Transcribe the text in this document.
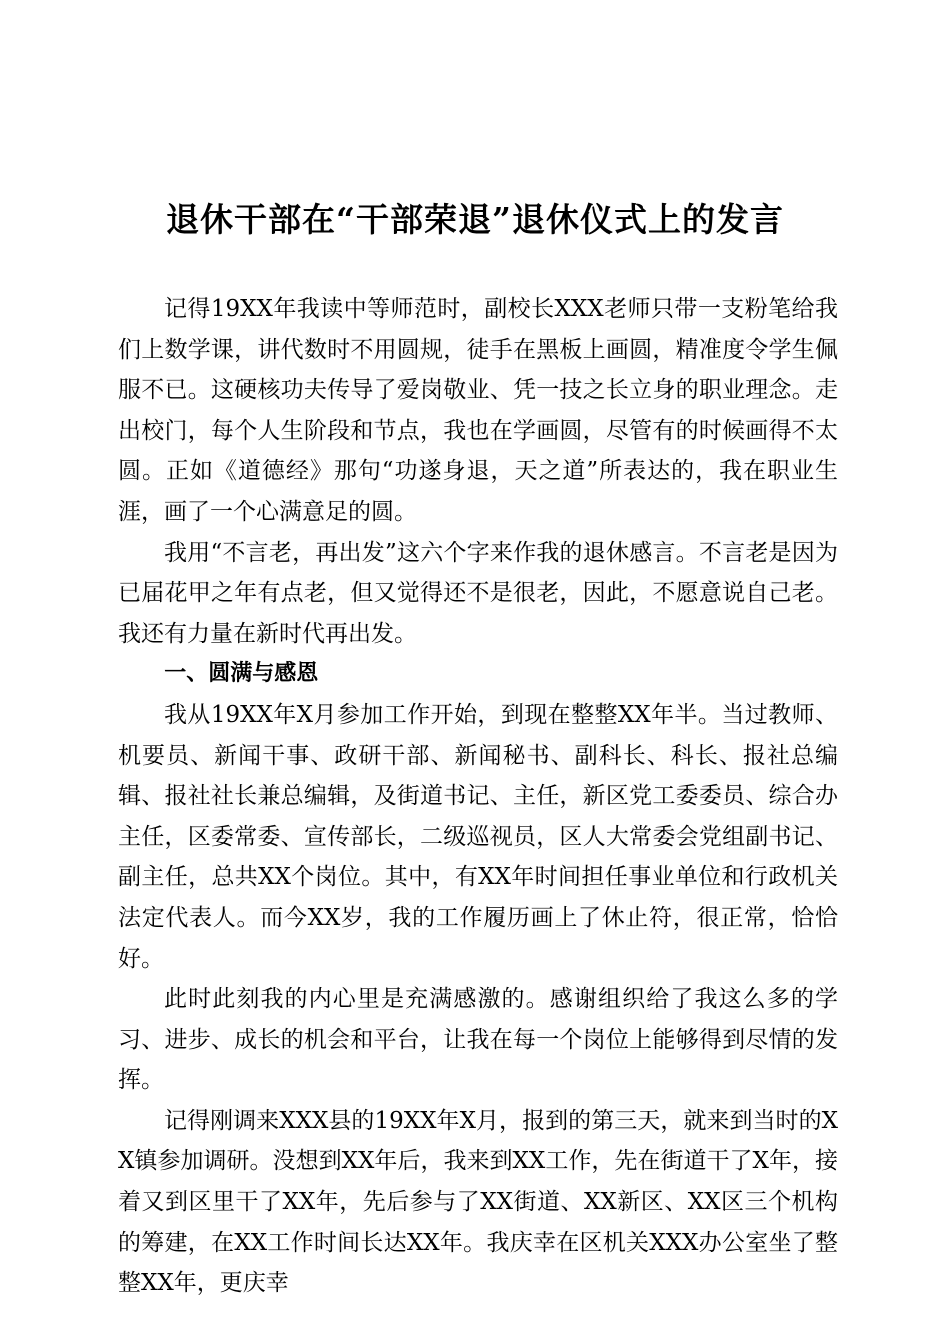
退休干部在“干部荣退”退休仪式上的发言

记得19XX年我读中等师范时，副校长XXX老师只带一支粉笔给我们上数学课，讲代数时不用圆规，徒手在黑板上画圆，精准度令学生佩服不已。这硬核功夫传导了爱岗敬业、凭一技之长立身的职业理念。走出校门，每个人生阶段和节点，我也在学画圆，尽管有的时候画得不太圆。正如《道德经》那句“功遂身退，天之道”所表达的，我在职业生涯，画了一个心满意足的圆。

我用“不言老，再出发”这六个字来作我的退休感言。不言老是因为已届花甲之年有点老，但又觉得还不是很老，因此，不愿意说自己老。我还有力量在新时代再出发。

一、圆满与感恩

我从19XX年X月参加工作开始，到现在整整XX年半。当过教师、机要员、新闻干事、政研干部、新闻秘书、副科长、科长、报社总编辑、报社社长兼总编辑，及街道书记、主任，新区党工委委员、综合办主任，区委常委、宣传部长，二级巡视员，区人大常委会党组副书记、副主任，总共XX个岗位。其中，有XX年时间担任事业单位和行政机关法定代表人。而今XX岁，我的工作履历画上了休止符，很正常，恰恰好。

此时此刻我的内心里是充满感激的。感谢组织给了我这么多的学习、进步、成长的机会和平台，让我在每一个岗位上能够得到尽情的发挥。

记得刚调来XXX县的19XX年X月，报到的第三天，就来到当时的XX镇参加调研。没想到XX年后，我来到XX工作，先在街道干了X年，接着又到区里干了XX年，先后参与了XX街道、XX新区、XX区三个机构的筹建，在XX工作时间长达XX年。我庆幸在区机关XXX办公室坐了整整XX年，更庆幸
